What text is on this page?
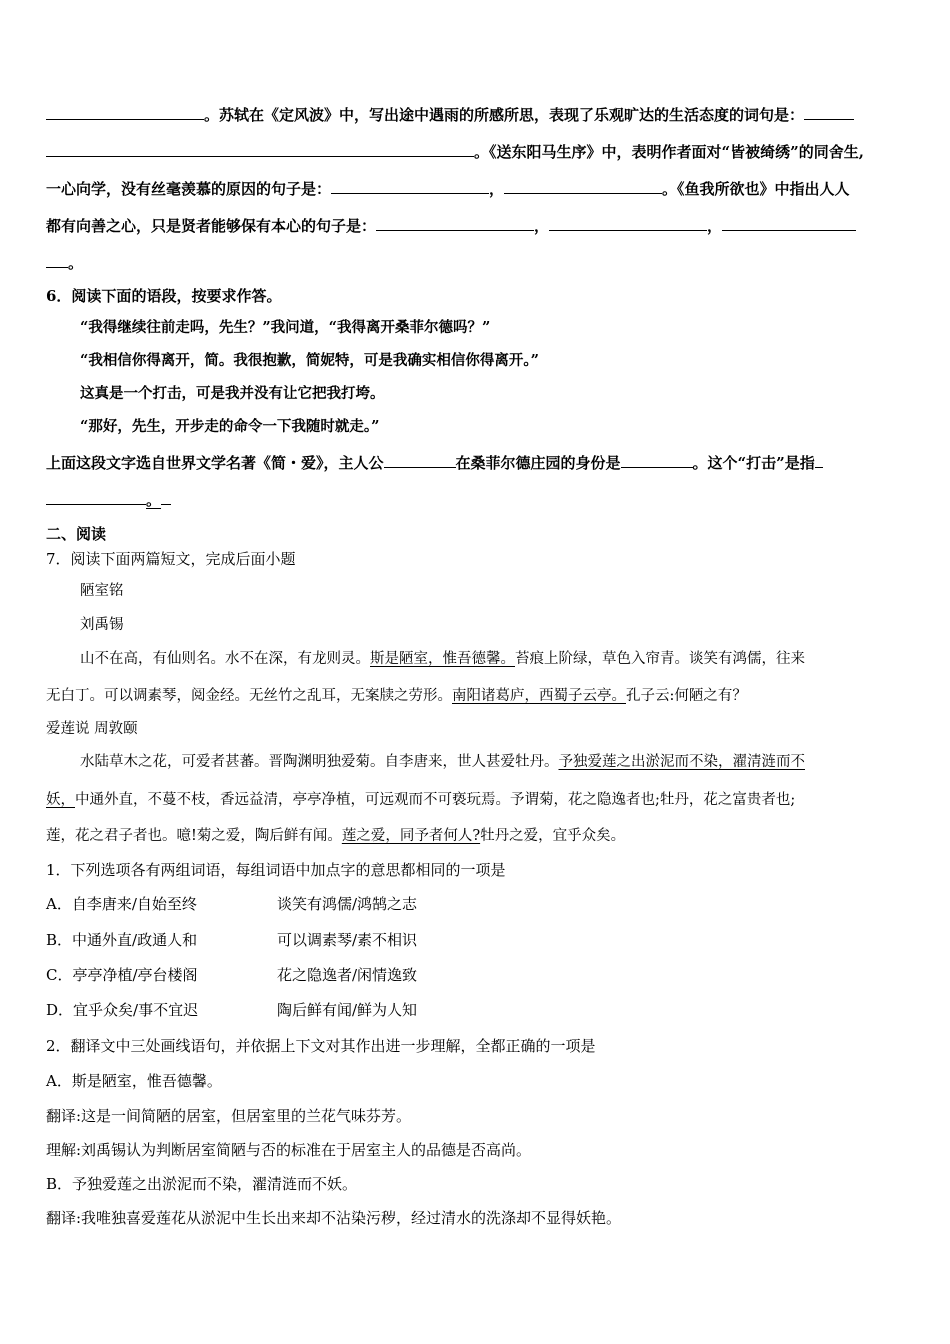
。苏轼在《定风波》中，写出途中遇雨的所感所思，表现了乐观旷达的生活态度的词句是：
。《送东阳马生序》中，表明作者面对“皆被绮绣”的同舍生,
一心向学，没有丝毫羡慕的原因的句子是：	，	。《鱼我所欲也》中指出人人
都有向善之心，只是贤者能够保有本心的句子是：	，	，
。
6．阅读下面的语段，按要求作答。
“我得继续往前走吗，先生？”我问道，“我得离开桑菲尔德吗？”
“我相信你得离开，简。我很抱歉，简妮特，可是我确实相信你得离开。”
这真是一个打击，可是我并没有让它把我打垮。
“那好，先生，开步走的命令一下我随时就走。”
上面这段文字选自世界文学名著《简・爱》，主人公	在桑菲尔德庄园的身份是	。这个“打击”是指
。
二、阅读
7．阅读下面两篇短文，完成后面小题
陋室铭
刘禹锡
山不在高，有仙则名。水不在深，有龙则灵。斯是陋室，惟吾德馨。苔痕上阶绿，草色入帘青。谈笑有鸿儒，往来
无白丁。可以调素琴，阅金经。无丝竹之乱耳，无案牍之劳形。南阳诸葛庐，西蜀子云亭。孔子云:何陋之有？
爱莲说 周敦颐
水陆草木之花，可爱者甚蕃。晋陶渊明独爱菊。自李唐来，世人甚爱牡丹。予独爱莲之出淤泥而不染，濯清涟而不
妖，中通外直，不蔓不枝，香远益清，亭亭净植，可远观而不可亵玩焉。予谓菊，花之隐逸者也;牡丹，花之富贵者也;
莲，花之君子者也。噫!菊之爱，陶后鲜有闻。莲之爱，同予者何人?牡丹之爱，宜乎众矣。
1．下列选项各有两组词语，每组词语中加点字的意思都相同的一项是
A．自李唐来/自始至终	谈笑有鸿儒/鸿鹄之志
B．中通外直/政通人和	可以调素琴/素不相识
C．亭亭净植/亭台楼阁	花之隐逸者/闲情逸致
D．宜乎众矣/事不宜迟	陶后鲜有闻/鲜为人知
2．翻译文中三处画线语句，并依据上下文对其作出进一步理解，全都正确的一项是
A．斯是陋室，惟吾德馨。
翻译:这是一间简陋的居室，但居室里的兰花气味芬芳。
理解:刘禹锡认为判断居室简陋与否的标准在于居室主人的品德是否高尚。
B．予独爱莲之出淤泥而不染，濯清涟而不妖。
翻译:我唯独喜爱莲花从淤泥中生长出来却不沾染污秽，经过清水的洗涤却不显得妖艳。
